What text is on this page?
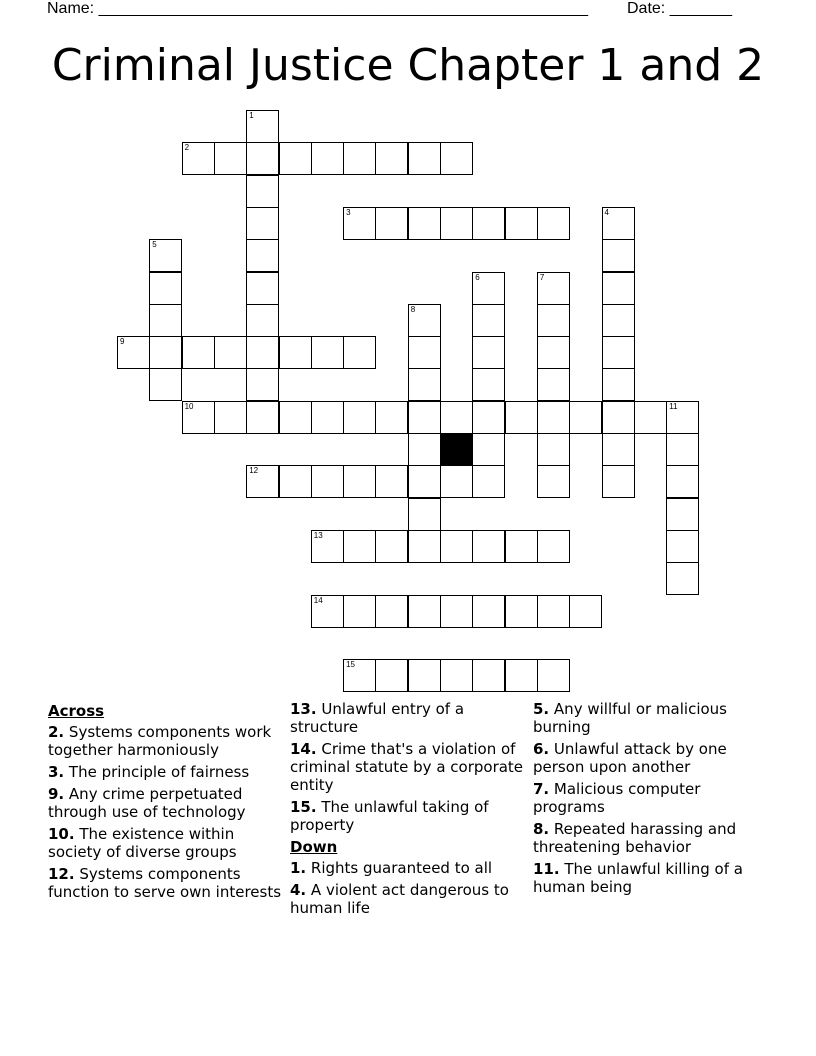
Name: _______________________________________________________ Date: _______
Criminal Justice Chapter 1 and 2
1
2
3	4
5
6	7
8
9
10	11
12
13
14
15
Across
2. Systems components work together harmoniously
3. The principle of fairness
9. Any crime perpetuated through use of technology
10. The existence within society of diverse groups
12. Systems components function to serve own interests
13. Unlawful entry of a structure
14. Crime that's a violation of criminal statute by a corporate entity
15. The unlawful taking of property
Down
1. Rights guaranteed to all
4. A violent act dangerous to human life
5. Any willful or malicious burning
6. Unlawful attack by one person upon another
7. Malicious computer programs
8. Repeated harassing and threatening behavior
11. The unlawful killing of a human being
